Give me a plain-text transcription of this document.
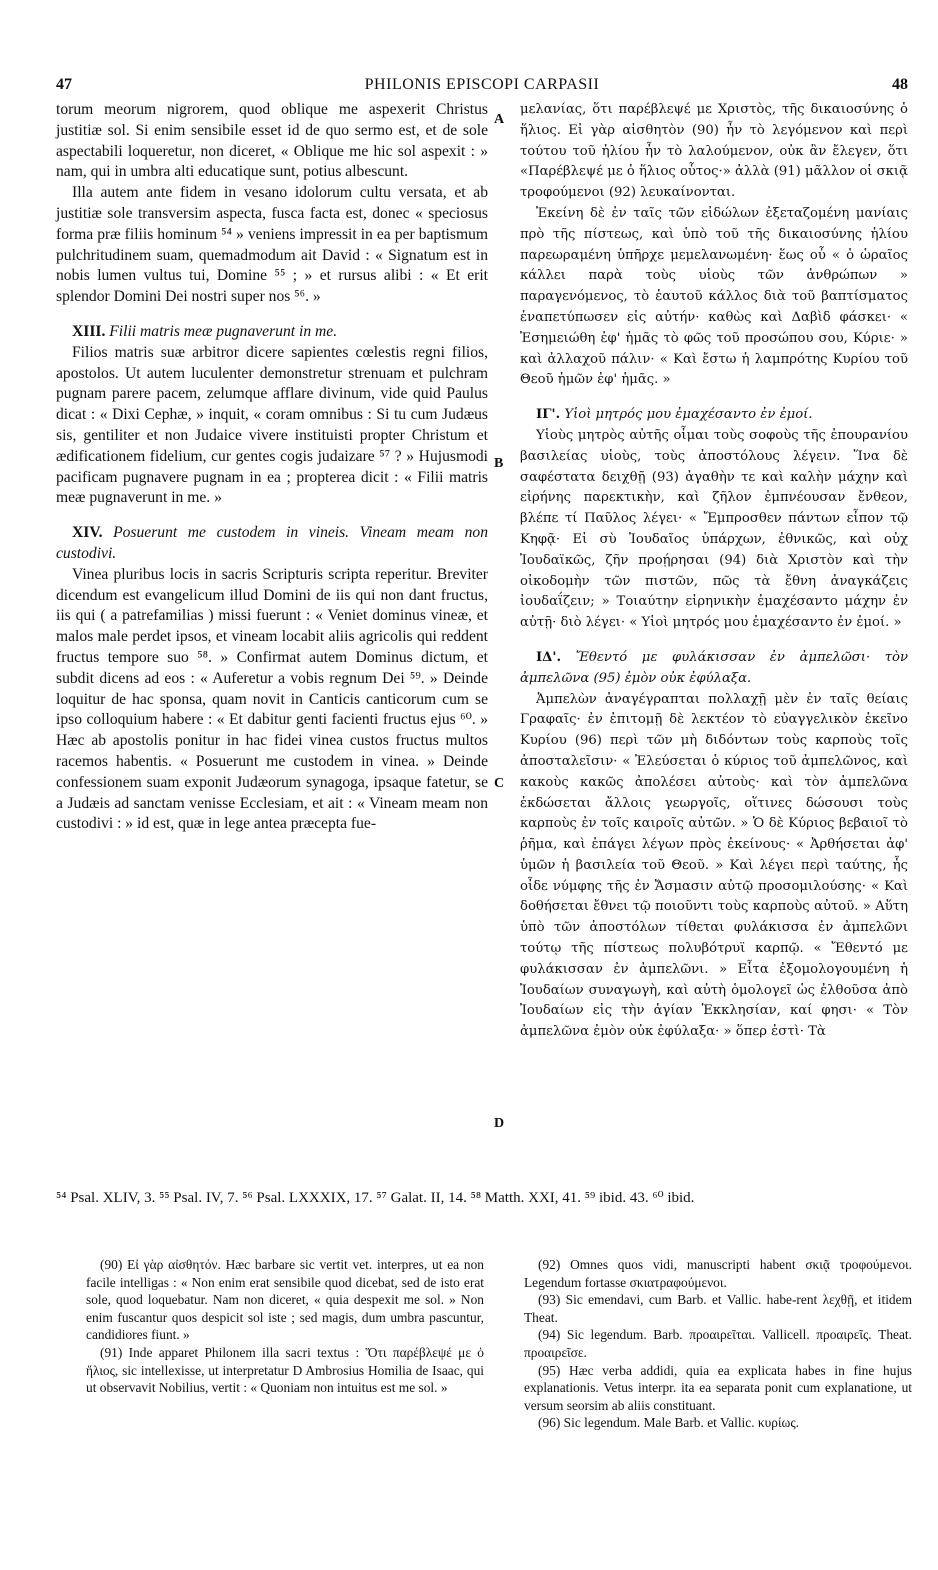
47	PHILONIS EPISCOPI CARPASII	48

torum meorum nigrorem, quod oblique me aspexerit Christus justitiæ sol. Si enim sensibile esset id de quo sermo est, et de sole aspectabili loqueretur, non diceret, « Oblique me hic sol aspexit : » nam, qui in umbra alti educatique sunt, potius albescunt.

Illa autem ante fidem in vesano idolorum cultu versata, et ab justitiæ sole transversim aspecta, fusca facta est, donec « speciosus forma præ filiis hominum ⁵⁴ » veniens impressit in ea per baptismum pulchritudinem suam, quemadmodum ait David : « Signatum est in nobis lumen vultus tui, Domine ⁵⁵ ; » et rursus alibi : « Et erit splendor Domini Dei nostri super nos ⁵⁶. »

XIII. Filii matris meæ pugnaverunt in me.

Filios matris suæ arbitror dicere sapientes cœlestis regni filios, apostolos. Ut autem luculenter demonstretur strenuam et pulchram pugnam parere pacem, zelumque afflare divinum, vide quid Paulus dicat : « Dixi Cephæ, » inquit, « coram omnibus : Si tu cum Judæus sis, gentiliter et non Judaice vivere instituisti propter Christum et ædificationem fidelium, cur gentes cogis judaizare ⁵⁷ ? » Hujusmodi pacificam pugnavere pugnam in ea ; propterea dicit : « Filii matris meæ pugnaverunt in me. »

XIV. Posuerunt me custodem in vineis. Vineam meam non custodivi.

Vinea pluribus locis in sacris Scripturis scripta reperitur. Breviter dicendum est evangelicum illud Domini de iis qui non dant fructus, iis qui ( a patrefamilias ) missi fuerunt : « Veniet dominus vineæ, et malos male perdet ipsos, et vineam locabit aliis agricolis qui reddent fructus tempore suo ⁵⁸. » Confirmat autem Dominus dictum, et subdit dicens ad eos : « Auferetur a vobis regnum Dei ⁵⁹. » Deinde loquitur de hac sponsa, quam novit in Canticis canticorum cum se ipso colloquium habere : « Et dabitur genti facienti fructus ejus ⁶⁰. » Hæc ab apostolis ponitur in hac fidei vinea custos fructus multos racemos habentis. « Posuerunt me custodem in vinea. » Deinde confessionem suam exponit Judæorum synagoga, ipsaque fatetur, se a Judæis ad sanctam venisse Ecclesiam, et ait : « Vineam meam non custodivi : » id est, quæ in lege antea præcepta fue-

μελανίας, ὅτι παρέβλεψέ με Χριστὸς, τῆς δικαιοσύνης ὁ ἥλιος. Εἰ γὰρ αἰσθητὸν (90) ἦν τὸ λεγόμενον καὶ περὶ τούτου τοῦ ἡλίου ἦν τὸ λαλούμενον, οὐκ ἂν ἔλεγεν, ὅτι «Παρέβλεψέ με ὁ ἥλιος οὗτος·» ἀλλὰ (91) μᾶλλον οἱ σκιᾷ τροφούμενοι (92) λευκαίνονται.

Ἐκείνη δὲ ἐν ταῖς τῶν εἰδώλων ἐξεταζομένη μανίαις πρὸ τῆς πίστεως, καὶ ὑπὸ τοῦ τῆς δικαιοσύνης ἡλίου παρεωραμένη ὑπῆρχε μεμελανωμένη· ἕως οὗ « ὁ ὡραῖος κάλλει παρὰ τοὺς υἱοὺς τῶν ἀνθρώπων » παραγενόμενος, τὸ ἑαυτοῦ κάλλος διὰ τοῦ βαπτίσματος ἐναπετύπωσεν εἰς αὐτήν· καθὼς καὶ Δαβὶδ φάσκει· « Ἐσημειώθη ἐφ' ἡμᾶς τὸ φῶς τοῦ προσώπου σου, Κύριε· » καὶ ἀλλαχοῦ πάλιν· « Καὶ ἔστω ἡ λαμπρότης Κυρίου τοῦ Θεοῦ ἡμῶν ἐφ' ἡμᾶς. »

ΙΓ'. Υἱοὶ μητρός μου ἐμαχέσαντο ἐν ἐμοί.

Υἱοὺς μητρὸς αὐτῆς οἶμαι τοὺς σοφοὺς τῆς ἐπουρανίου βασιλείας υἱοὺς, τοὺς ἀποστόλους λέγειν. Ἵνα δὲ σαφέστατα δειχθῇ (93) ἀγαθὴν τε καὶ καλὴν μάχην καὶ εἰρήνης παρεκτικὴν, καὶ ζῆλον ἐμπνέουσαν ἔνθεον, βλέπε τί Παῦλος λέγει· « Ἔμπροσθεν πάντων εἶπον τῷ Κηφᾷ· Εἰ σὺ Ἰουδαῖος ὑπάρχων, ἐθνικῶς, καὶ οὐχ Ἰουδαϊκῶς, ζῆν προῄρησαι (94) διὰ Χριστὸν καὶ τὴν οἰκοδομὴν τῶν πιστῶν, πῶς τὰ ἔθνη ἀναγκάζεις ἰουδαΐζειν; » Τοιαύτην εἰρηνικὴν ἐμαχέσαντο μάχην ἐν αὐτῇ· διὸ λέγει· « Υἱοὶ μητρός μου ἐμαχέσαντο ἐν ἐμοί. »

ΙΔ'. Ἔθεντό με φυλάκισσαν ἐν ἀμπελῶσι· τὸν ἀμπελῶνα (95) ἐμὸν οὐκ ἐφύλαξα.

Ἀμπελὼν ἀναγέγραπται πολλαχῇ μὲν ἐν ταῖς θείαις Γραφαῖς· ἐν ἐπιτομῇ δὲ λεκτέον τὸ εὐαγγελικὸν ἐκεῖνο Κυρίου (96) περὶ τῶν μὴ διδόντων τοὺς καρποὺς τοῖς ἀποσταλεῖσιν· « Ἐλεύσεται ὁ κύριος τοῦ ἀμπελῶνος, καὶ κακοὺς κακῶς ἀπολέσει αὐτοὺς· καὶ τὸν ἀμπελῶνα ἐκδώσεται ἄλλοις γεωργοῖς, οἵτινες δώσουσι τοὺς καρποὺς ἐν τοῖς καιροῖς αὐτῶν. » Ὁ δὲ Κύριος βεβαιοῖ τὸ ῥῆμα, καὶ ἐπάγει λέγων πρὸς ἐκείνους· « Ἀρθήσεται ἀφ' ὑμῶν ἡ βασιλεία τοῦ Θεοῦ. » Καὶ λέγει περὶ ταύτης, ἧς οἶδε νύμφης τῆς ἐν Ἄσμασιν αὐτῷ προσομιλούσης· « Καὶ δοθήσεται ἔθνει τῷ ποιοῦντι τοὺς καρποὺς αὐτοῦ. » Αὕτη ὑπὸ τῶν ἀποστόλων τίθεται φυλάκισσα ἐν ἀμπελῶνι τούτῳ τῆς πίστεως πολυβότρυϊ καρπῷ. « Ἔθεντό με φυλάκισσαν ἐν ἀμπελῶνι. » Εἶτα ἐξομολογουμένη ἡ Ἰουδαίων συναγωγὴ, καὶ αὐτὴ ὁμολογεῖ ὡς ἐλθοῦσα ἀπὸ Ἰουδαίων εἰς τὴν ἁγίαν Ἐκκλησίαν, καί φησι· « Τὸν ἀμπελῶνα ἐμὸν οὐκ ἐφύλαξα· » ὅπερ ἐστὶ· Τὰ

A
B
C
D
⁵⁴ Psal. XLIV, 3. ⁵⁵ Psal. IV, 7. ⁵⁶ Psal. LXXXIX, 17. ⁵⁷ Galat. II, 14. ⁵⁸ Matth. XXI, 41. ⁵⁹ ibid. 43. ⁶⁰ ibid.

(90) Εἰ γὰρ αἰσθητόν. Hæc barbare sic vertit vet. interpres, ut ea non facile intelligas : « Non enim erat sensibile quod dicebat, sed de isto erat sole, quod loquebatur. Nam non diceret, « quia despexit me sol. » Non enim fuscantur quos despicit sol iste ; sed magis, dum umbra pascuntur, candidiores fiunt. »

(91) Inde apparet Philonem illa sacri textus : Ὅτι παρέβλεψέ με ὁ ἥλιος, sic intellexisse, ut interpretatur D Ambrosius Homilia de Isaac, qui ut observavit Nobilius, vertit : « Quoniam non intuitus est me sol. »

(92) Omnes quos vidi, manuscripti habent σκιᾷ τροφούμενοι. Legendum fortasse σκιατραφούμενοι.

(93) Sic emendavi, cum Barb. et Vallic. habe-rent λεχθῇ, et itidem Theat.

(94) Sic legendum. Barb. προαιρεῖται. Vallicell. προαιρεῖς. Theat. προαιρεῖσε.

(95) Hæc verba addidi, quia ea explicata habes in fine hujus explanationis. Vetus interpr. ita ea separata ponit cum explanatione, ut versum seorsim ab aliis constituant.

(96) Sic legendum. Male Barb. et Vallic. κυρίως.
